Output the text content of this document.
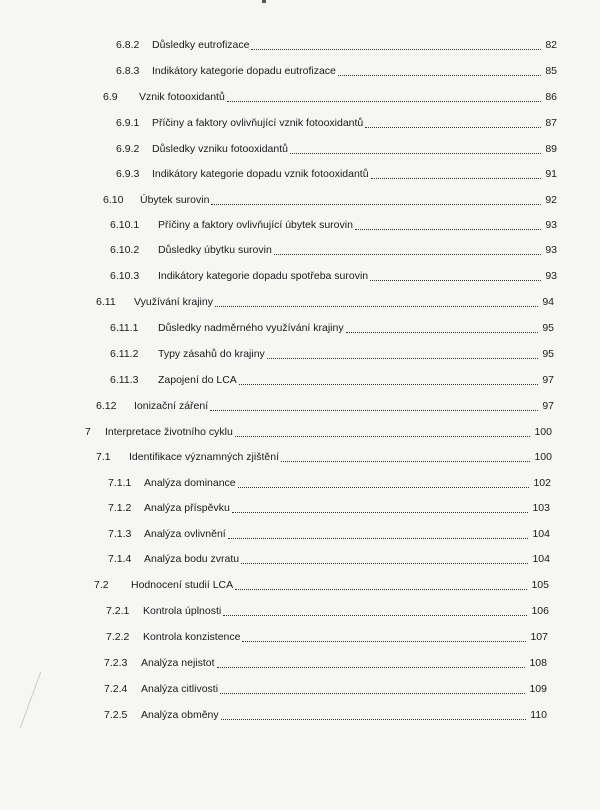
6.8.2 Důsledky eutrofizace	82
6.8.3 Indikátory kategorie dopadu eutrofizace	85
6.9 Vznik fotooxidantů	86
6.9.1 Příčiny a faktory ovlivňující vznik fotooxidantů	87
6.9.2 Důsledky vzniku fotooxidantů	89
6.9.3 Indikátory kategorie dopadu vznik fotooxidantů	91
6.10 Úbytek surovin	92
6.10.1 Příčiny a faktory ovlivňující úbytek surovin	93
6.10.2 Důsledky úbytku surovin	93
6.10.3 Indikátory kategorie dopadu spotřeba surovin	93
6.11 Využívání krajiny	94
6.11.1 Důsledky nadměrného využívání krajiny	95
6.11.2 Typy zásahů do krajiny	95
6.11.3 Zapojení do LCA	97
6.12 Ionizační záření	97
7 Interpretace životního cyklu	100
7.1 Identifikace významných zjištění	100
7.1.1 Analýza dominance	102
7.1.2 Analýza příspěvku	103
7.1.3 Analýza ovlivnění	104
7.1.4 Analýza bodu zvratu	104
7.2 Hodnocení studií LCA	105
7.2.1 Kontrola úplnosti	106
7.2.2 Kontrola konzistence	107
7.2.3 Analýza nejistot	108
7.2.4 Analýza citlivosti	109
7.2.5 Analýza obměny	110
